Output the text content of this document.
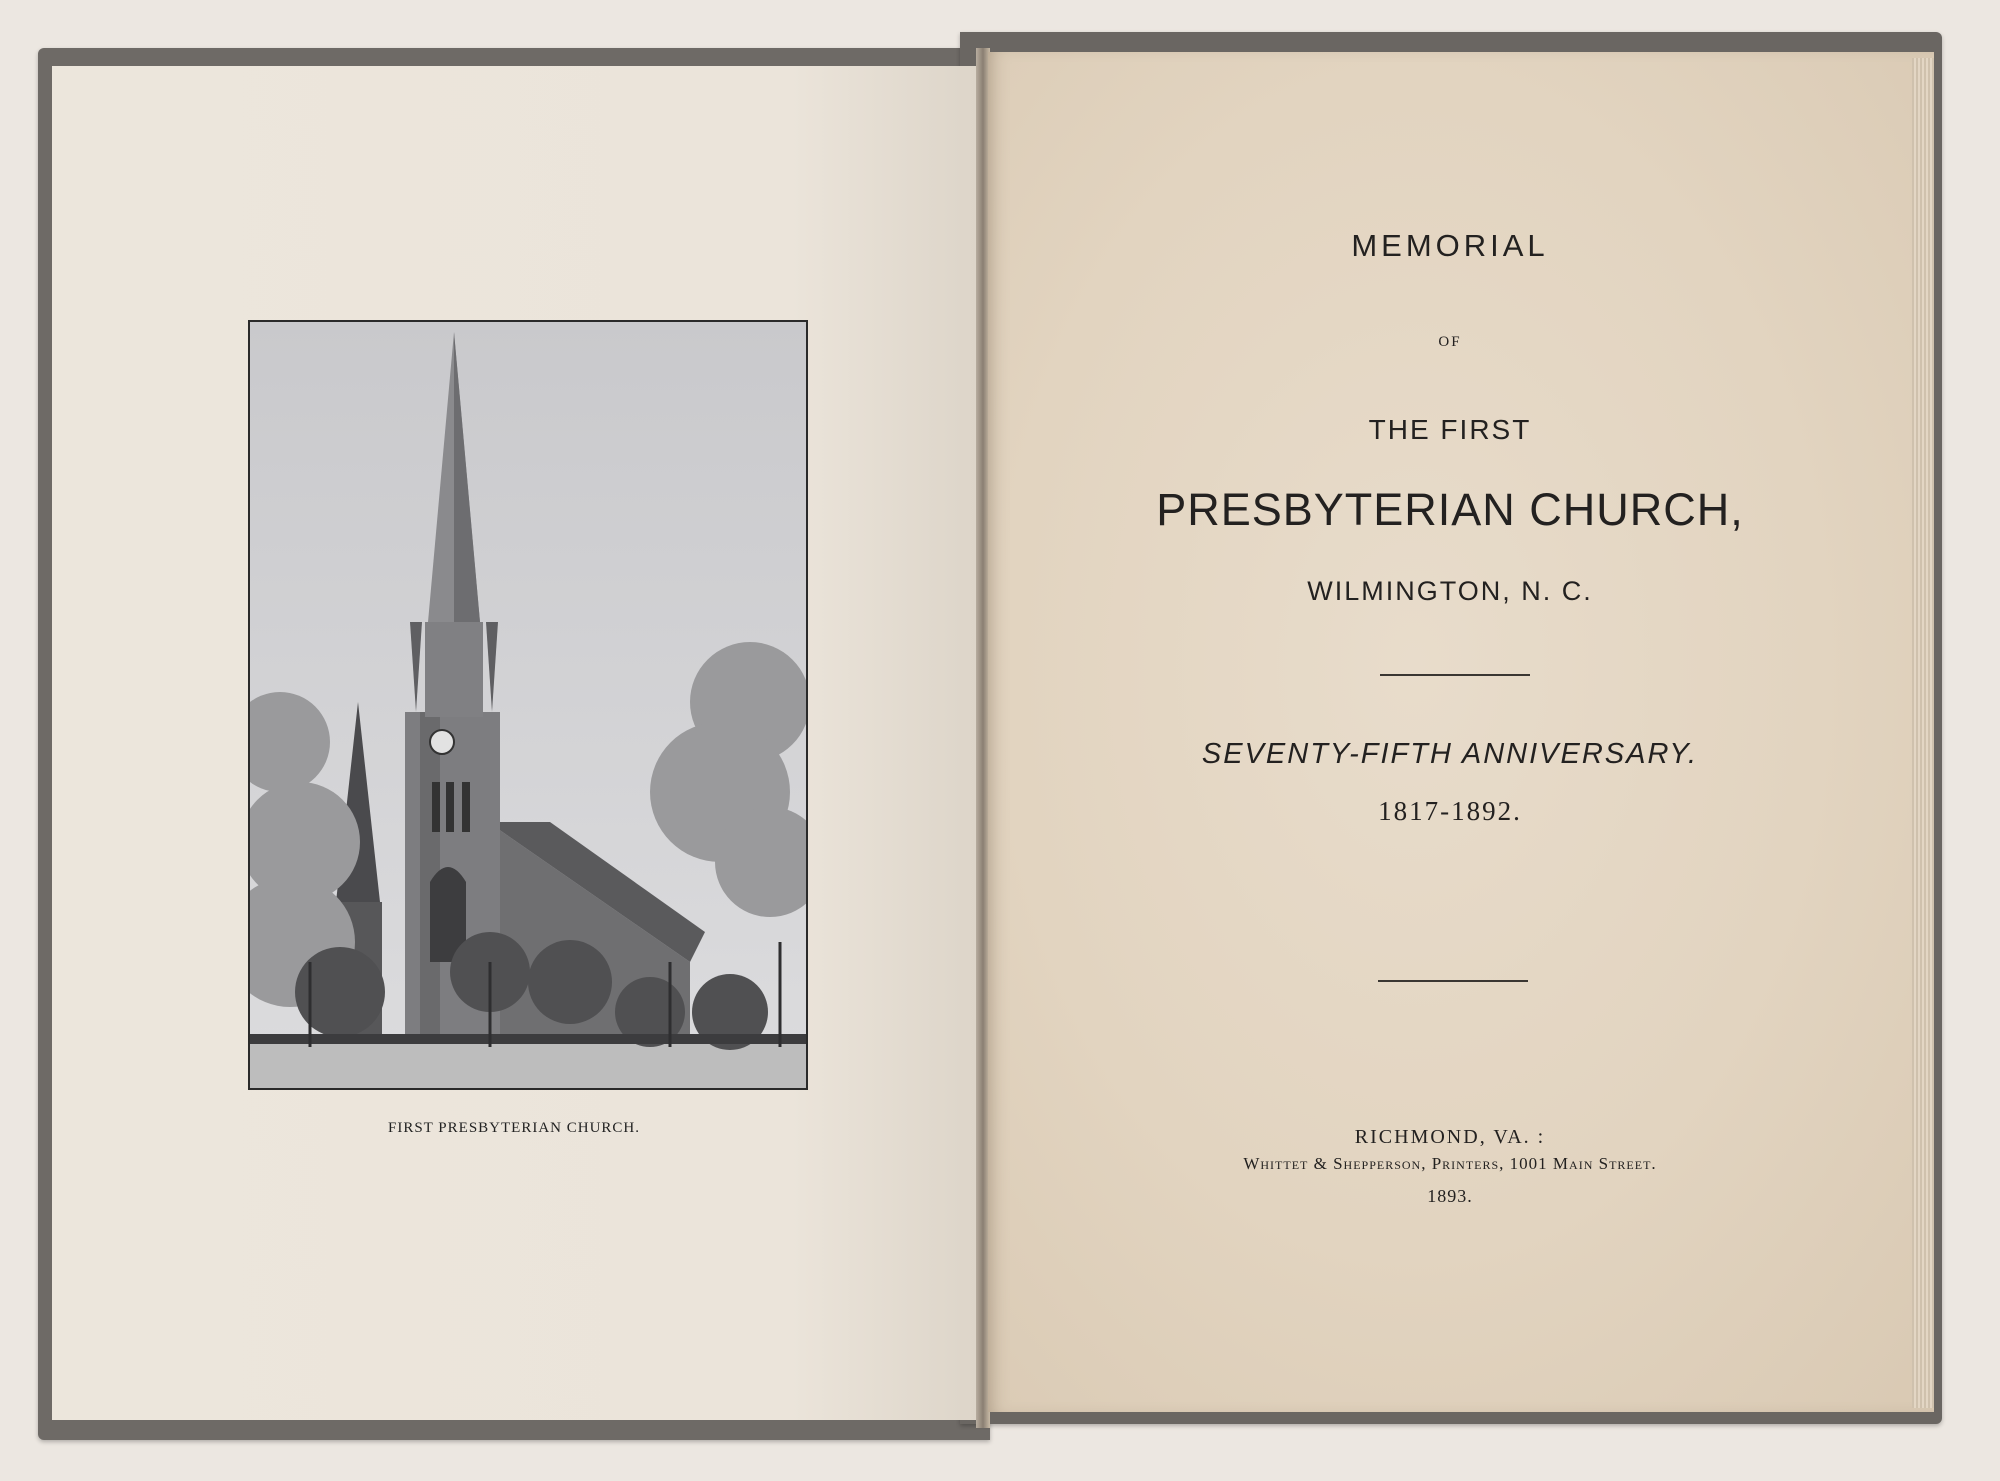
FIRST PRESBYTERIAN CHURCH.
MEMORIAL
OF
THE FIRST
PRESBYTERIAN CHURCH,
WILMINGTON, N. C.
SEVENTY-FIFTH ANNIVERSARY.
1817-1892.
RICHMOND, VA. :
Whittet & Shepperson, Printers, 1001 Main Street.
1893.
